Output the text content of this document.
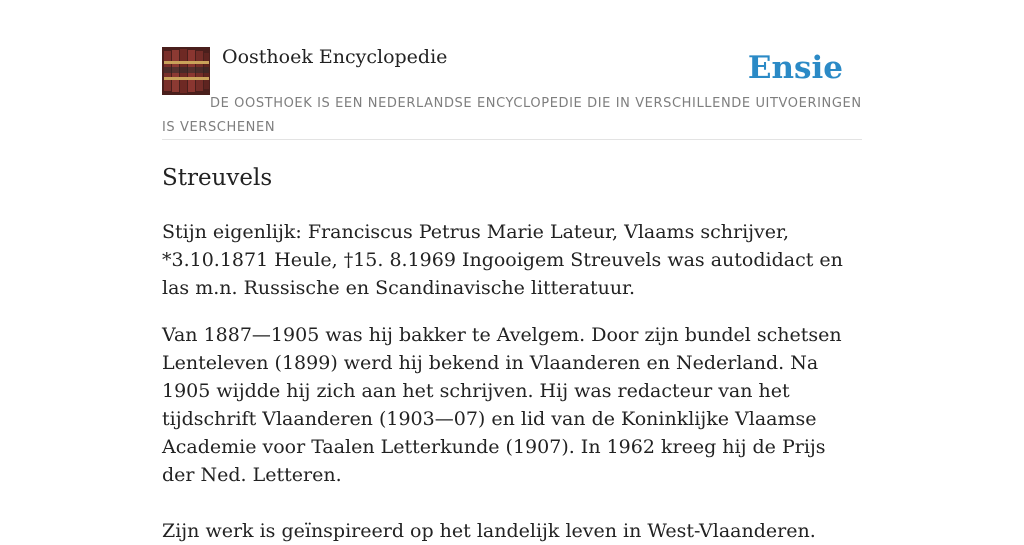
Oosthoek Encyclopedie	Ensie
DE OOSTHOEK IS EEN NEDERLANDSE ENCYCLOPEDIE DIE IN VERSCHILLENDE UITVOERINGEN IS VERSCHENEN
Streuvels

Stijn eigenlijk: Franciscus Petrus Marie Lateur, Vlaams schrijver, *3.10.1871 Heule, †15. 8.1969 Ingooigem Streuvels was autodidact en las m.n. Russische en Scandinavische litteratuur.

Van 1887—1905 was hij bakker te Avelgem. Door zijn bundel schetsen Lenteleven (1899) werd hij bekend in Vlaanderen en Nederland. Na 1905 wijdde hij zich aan het schrijven. Hij was redacteur van het tijdschrift Vlaanderen (1903—07) en lid van de Koninklijke Vlaamse Academie voor Taalen Letterkunde (1907). In 1962 kreeg hij de Prijs der Ned. Letteren.

Zijn werk is geïnspireerd op het landelijk leven in West-Vlaanderen.
